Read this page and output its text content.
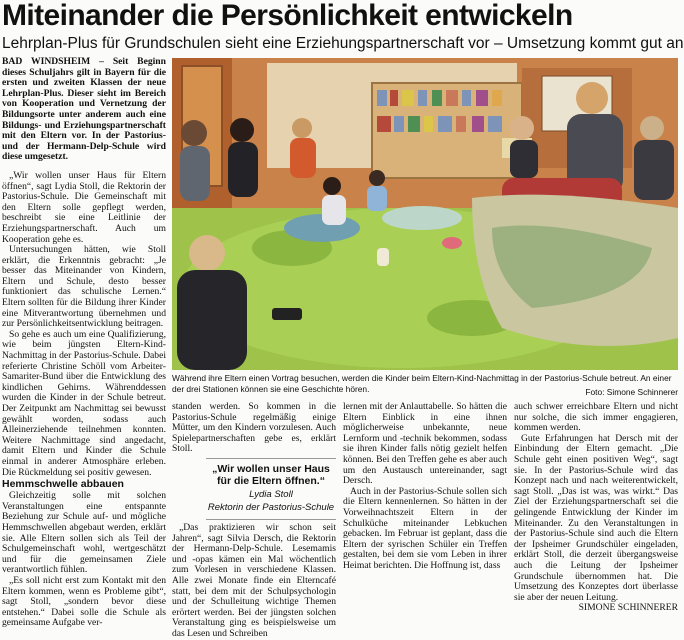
Miteinander die Persönlichkeit entwickeln
Lehrplan-Plus für Grundschulen sieht eine Erziehungspartnerschaft vor – Umsetzung kommt gut an

BAD WINDSHEIM – Seit Beginn dieses Schuljahrs gilt in Bayern für die ersten und zweiten Klassen der neue Lehrplan-Plus. Dieser sieht im Bereich von Kooperation und Vernetzung der Bildungsorte unter anderem auch eine Bildungs- und Erziehungspartnerschaft mit den Eltern vor. In der Pastorius- und der Hermann-Delp-Schule wird diese umgesetzt.

„Wir wollen unser Haus für Eltern öffnen“, sagt Lydia Stoll, die Rektorin der Pastorius-Schule. Die Gemeinschaft mit den Eltern solle gepflegt werden, beschreibt sie eine Leitlinie der Erziehungspartnerschaft. Auch um Kooperation gehe es.

Untersuchungen hätten, wie Stoll erklärt, die Erkenntnis gebracht: „Je besser das Miteinander von Kindern, Eltern und Schule, desto besser funktioniert das schulische Lernen.“ Eltern sollten für die Bildung ihrer Kinder eine Mitverantwortung übernehmen und zur Persönlichkeitsentwicklung beitragen.

So gehe es auch um eine Qualifizierung, wie beim jüngsten Eltern-Kind-Nachmittag in der Pastorius-Schule. Dabei referierte Christine Schöll vom Arbeiter-Samariter-Bund über die Entwicklung des kindlichen Gehirns. Währenddessen wurden die Kinder in der Schule betreut. Der Zeitpunkt am Nachmittag sei bewusst gewählt worden, sodass auch Alleinerziehende teilnehmen konnten. Weitere Nachmittage sind angedacht, damit Eltern und Kinder die Schule einmal in anderer Atmosphäre erleben. Die Rückmeldung sei positiv gewesen.

Hemmschwelle abbauen

Gleichzeitig solle mit solchen Veranstaltungen eine entspannte Beziehung zur Schule auf- und mögliche Hemmschwellen abgebaut werden, erklärt sie. Alle Eltern sollen sich als Teil der Schulgemeinschaft wohl, wertgeschätzt und für die gemeinsamen Ziele verantwortlich fühlen.

„Es soll nicht erst zum Kontakt mit den Eltern kommen, wenn es Probleme gibt“, sagt Stoll, „sondern bevor diese entstehen.“ Dabei solle die Schule als gemeinsame Aufgabe ver-

Während ihre Eltern einen Vortrag besuchen, werden die Kinder beim Eltern-Kind-Nachmittag in der Pastorius-Schule betreut. An einer der drei Stationen können sie eine Geschichte hören.	Foto: Simone Schinnerer

standen werden. So kommen in die Pastorius-Schule regelmäßig einige Mütter, um den Kindern vorzulesen. Auch Spielepartnerschaften gebe es, erklärt Stoll.

„Wir wollen unser Haus für die Eltern öffnen.“
Lydia Stoll
Rektorin der Pastorius-Schule

„Das praktizieren wir schon seit Jahren“, sagt Silvia Dersch, die Rektorin der Hermann-Delp-Schule. Lesemamis und -opas kämen ein Mal wöchentlich zum Vorlesen in verschiedene Klassen. Alle zwei Monate finde ein Elterncafé statt, bei dem mit der Schulpsychologin und der Schulleitung wichtige Themen erörtert werden. Bei der jüngsten solchen Veranstaltung ging es beispielsweise um das Lesen und Schreiben

lernen mit der Anlauttabelle. So hätten die Eltern Einblick in eine ihnen möglicherweise unbekannte, neue Lernform und -technik bekommen, sodass sie ihren Kinder falls nötig gezielt helfen können. Bei den Treffen gehe es aber auch um den Austausch untereinander, sagt Dersch.

Auch in der Pastorius-Schule sollen sich die Eltern kennenlernen. So hätten in der Vorweihnachtszeit Eltern in der Schulküche miteinander Lebkuchen gebacken. Im Februar ist geplant, dass die Eltern der syrischen Schüler ein Treffen gestalten, bei dem sie vom Leben in ihrer Heimat berichten. Die Hoffnung ist, dass

auch schwer erreichbare Eltern und nicht nur solche, die sich immer engagieren, kommen werden.

Gute Erfahrungen hat Dersch mit der Einbindung der Eltern gemacht. „Die Schule geht einen positiven Weg“, sagt sie. In der Pastorius-Schule wird das Konzept nach und nach weiterentwickelt, sagt Stoll. „Das ist was, was wirkt.“ Das Ziel der Erziehungspartnerschaft sei die gelingende Entwicklung der Kinder im Miteinander. Zu den Veranstaltungen in der Pastorius-Schule sind auch die Eltern der Ipsheimer Grundschüler eingeladen, erklärt Stoll, die derzeit übergangsweise auch die Leitung der Ipsheimer Grundschule übernommen hat. Die Umsetzung des Konzeptes dort überlasse sie aber der neuen Leitung.

SIMONE SCHINNERER
